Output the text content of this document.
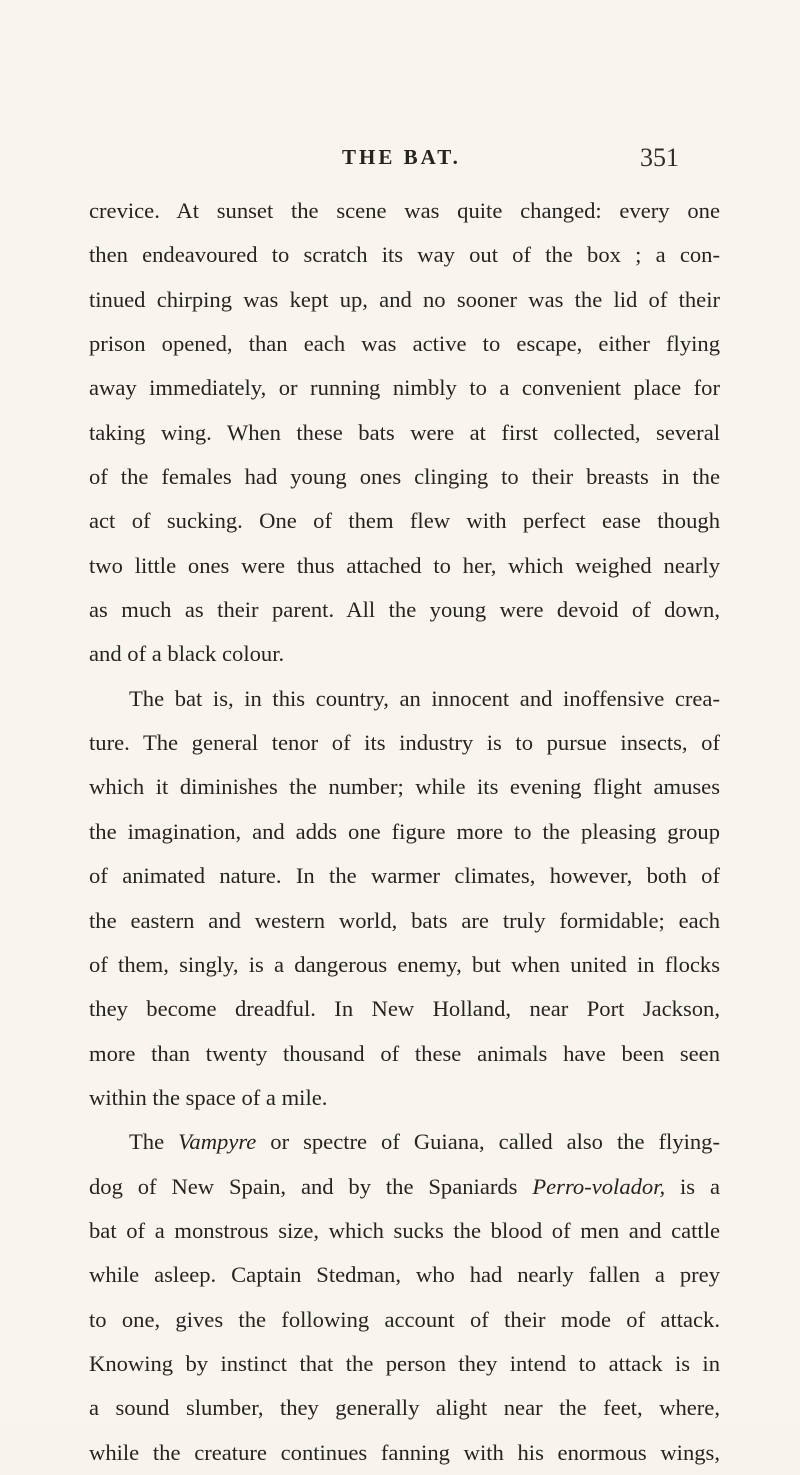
THE BAT.	351
crevice. At sunset the scene was quite changed: every one
then endeavoured to scratch its way out of the box ; a con-
tinued chirping was kept up, and no sooner was the lid of their
prison opened, than each was active to escape, either flying
away immediately, or running nimbly to a convenient place for
taking wing. When these bats were at first collected, several
of the females had young ones clinging to their breasts in the
act of sucking. One of them flew with perfect ease though
two little ones were thus attached to her, which weighed nearly
as much as their parent. All the young were devoid of down,
and of a black colour.
The bat is, in this country, an innocent and inoffensive crea-
ture. The general tenor of its industry is to pursue insects, of
which it diminishes the number; while its evening flight amuses
the imagination, and adds one figure more to the pleasing group
of animated nature. In the warmer climates, however, both of
the eastern and western world, bats are truly formidable; each
of them, singly, is a dangerous enemy, but when united in flocks
they become dreadful. In New Holland, near Port Jackson,
more than twenty thousand of these animals have been seen
within the space of a mile.
The Vampyre or spectre of Guiana, called also the flying-
dog of New Spain, and by the Spaniards Perro-volador, is a
bat of a monstrous size, which sucks the blood of men and cattle
while asleep. Captain Stedman, who had nearly fallen a prey
to one, gives the following account of their mode of attack.
Knowing by instinct that the person they intend to attack is in
a sound slumber, they generally alight near the feet, where,
while the creature continues fanning with his enormous wings,
